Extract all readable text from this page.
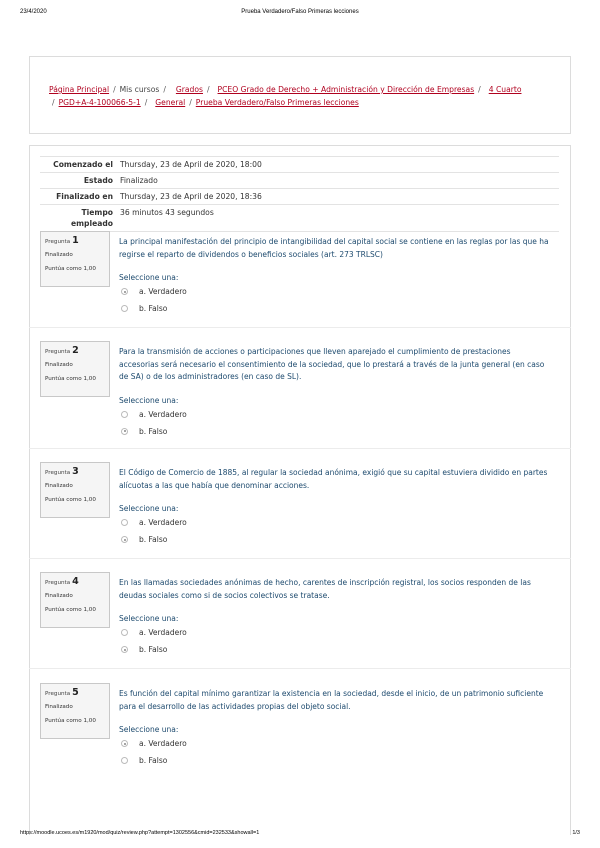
23/4/2020	Prueba Verdadero/Falso Primeras lecciones
Página Principal / Mis cursos / Grados / PCEO Grado de Derecho + Administración y Dirección de Empresas / 4 Cuarto
/ PGD+A-4-100066-5-1 / General / Prueba Verdadero/Falso Primeras lecciones
Comenzado el Thursday, 23 de April de 2020, 18:00
Estado Finalizado
Finalizado en Thursday, 23 de April de 2020, 18:36
Tiempo empleado
36 minutos 43 segundos
Pregunta 1
Finalizado
Puntúa como 1,00
La principal manifestación del principio de intangibilidad del capital social se contiene en las reglas por las que ha regirse el reparto de dividendos o beneficios sociales (art. 273 TRLSC)
Seleccione una:
a. Verdadero
b. Falso
Pregunta 2
Finalizado
Puntúa como 1,00
Para la transmisión de acciones o participaciones que lleven aparejado el cumplimiento de prestaciones accesorias será necesario el consentimiento de la sociedad, que lo prestará a través de la junta general (en caso de SA) o de los administradores (en caso de SL).
Seleccione una:
a. Verdadero
b. Falso
Pregunta 3
Finalizado
Puntúa como 1,00
El Código de Comercio de 1885, al regular la sociedad anónima, exigió que su capital estuviera dividido en partes alícuotas a las que había que denominar acciones.
Seleccione una:
a. Verdadero
b. Falso
Pregunta 4
Finalizado
Puntúa como 1,00
En las llamadas sociedades anónimas de hecho, carentes de inscripción registral, los socios responden de las deudas sociales como si de socios colectivos se tratase.
Seleccione una:
a. Verdadero
b. Falso
Pregunta 5
Finalizado
Puntúa como 1,00
Es función del capital mínimo garantizar la existencia en la sociedad, desde el inicio, de un patrimonio suficiente para el desarrollo de las actividades propias del objeto social.
Seleccione una:
a. Verdadero
b. Falso
https://moodle.ucoes.es/m1920/mod/quiz/review.php?attempt=1302556&cmid=232533&showall=1	1/3
